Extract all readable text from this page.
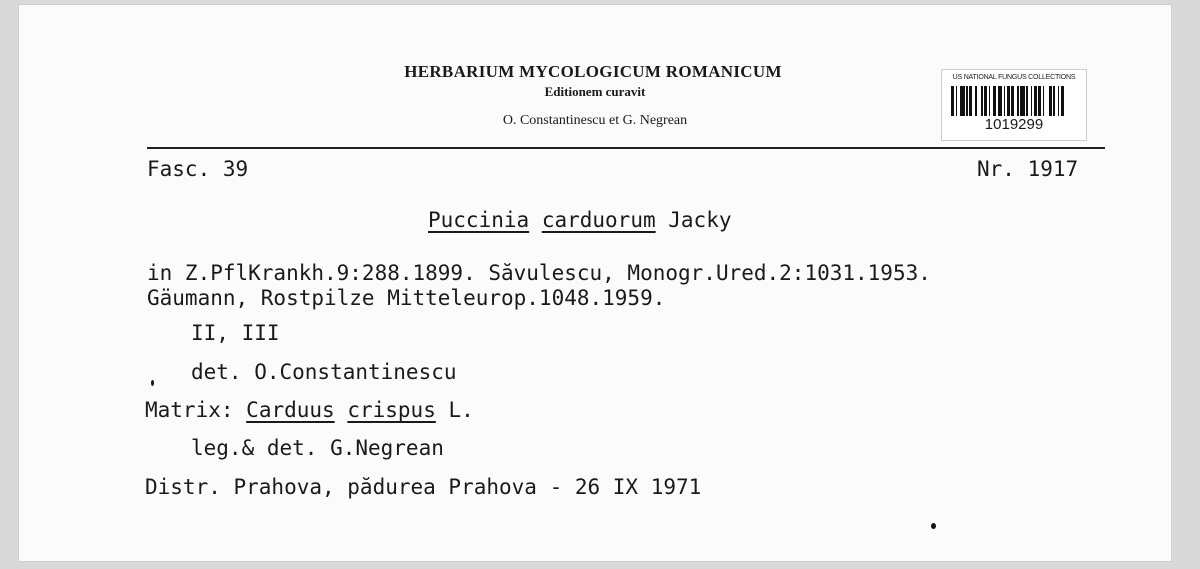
HERBARIUM MYCOLOGICUM ROMANICUM
Editionem curavit
O. Constantinescu et G. Negrean
US NATIONAL FUNGUS COLLECTIONS
1019299
Fasc. 39	Nr. 1917
Puccinia carduorum Jacky
in Z.PflKrankh.9:288.1899. Săvulescu, Monogr.Ured.2:1031.1953.
Gäumann, Rostpilze Mitteleurop.1048.1959.
II, III
det. O.Constantinescu
Matrix: Carduus crispus L.
leg.& det. G.Negrean
Distr. Prahova, pădurea Prahova - 26 IX 1971
